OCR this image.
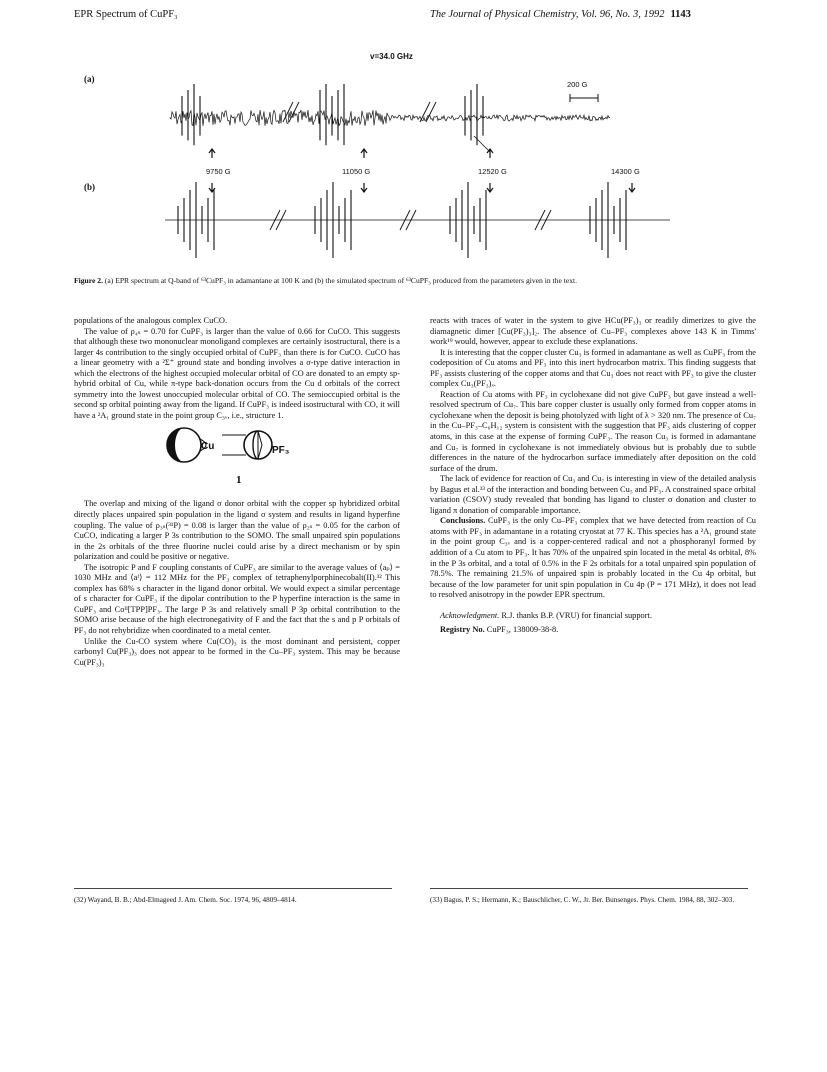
EPR Spectrum of CuPF₃	The Journal of Physical Chemistry, Vol. 96, No. 3, 1992 1143
v=34.0 GHz
(a)
(b)
200 G
9750 G	11050 G	12520 G	14300 G
Figure 2. (a) EPR spectrum at Q-band of ⁶³CuPF₃ in adamantane at 100 K and (b) the simulated spectrum of ⁶³CuPF₃ produced from the parameters given in the text.

populations of the analogous complex CuCO.

The value of ρ₄ₛ = 0.70 for CuPF₃ is larger than the value of 0.66 for CuCO. This suggests that although these two mononuclear monoligand complexes are certainly isostructural, there is a larger 4s contribution to the singly occupied orbital of CuPF₃ than there is for CuCO. CuCO has a linear geometry with a ²Σ⁺ ground state and bonding involves a σ-type dative interaction in which the electrons of the highest occupied molecular orbital of CO are donated to an empty sp-hybrid orbital of Cu, while π-type back-donation occurs from the Cu d orbitals of the correct symmetry into the lowest unoccupied molecular orbital of CO. The semioccupied orbital is the second sp orbital pointing away from the ligand. If CuPF₃ is indeed isostructural with CO, it will have a ²A₁ ground state in the point group C₃ᵥ, i.e., structure 1.

Cu	PF₃
1

The overlap and mixing of the ligand σ donor orbital with the copper sp hybridized orbital directly places unpaired spin population in the ligand σ system and results in ligand hyperfine coupling. The value of ρ₃ₛ(³¹P) = 0.08 is larger than the value of ρ₂ₛ = 0.05 for the carbon of CuCO, indicating a larger P 3s contribution to the SOMO. The small unpaired spin populations in the 2s orbitals of the three fluorine nuclei could arise by a direct mechanism or by spin polarization and could be positive or negative.

The isotropic P and F coupling constants of CuPF₃ are similar to the average values of ⟨aₚ⟩ = 1030 MHz and ⟨aᶠ⟩ = 112 MHz for the PF₃ complex of tetraphenylporphinecobalt(II).³² This complex has 68% s character in the ligand donor orbital. We would expect a similar percentage of s character for CuPF₃ if the dipolar contribution to the P hyperfine interaction is the same in CuPF₃ and Coᴵᴵ[TPP]PF₃. The large P 3s and relatively small P 3p orbital contribution to the SOMO arise because of the high electronegativity of F and the fact that the s and p P orbitals of PF₃ do not rehybridize when coordinated to a metal center.

Unlike the Cu-CO system where Cu(CO)₃ is the most dominant and persistent, copper carbonyl Cu(PF₃)₃ does not appear to be formed in the Cu–PF₃ system. This may be because Cu(PF₃)₃

reacts with traces of water in the system to give HCu(PF₃)₃ or readily dimerizes to give the diamagnetic dimer [Cu(PF₃)₃]₂. The absence of Cu–PF₃ complexes above 143 K in Timms' work¹⁹ would, however, appear to exclude these explanations.

It is interesting that the copper cluster Cu₃ is formed in adamantane as well as CuPF₃ from the codeposition of Cu atoms and PF₃ into this inert hydrocarbon matrix. This finding suggests that PF₃ assists clustering of the copper atoms and that Cu₃ does not react with PF₃ to give the cluster complex Cu₃(PF₃)ₓ.

Reaction of Cu atoms with PF₃ in cyclohexane did not give CuPF₃ but gave instead a well-resolved spectrum of Cu₇. This bare copper cluster is usually only formed from copper atoms in cyclohexane when the deposit is being photolyzed with light of λ > 320 nm. The presence of Cu₇ in the Cu–PF₃–C₆H₁₂ system is consistent with the suggestion that PF₃ aids clustering of copper atoms, in this case at the expense of forming CuPF₃. The reason Cu₃ is formed in adamantane and Cu₇ is formed in cyclohexane is not immediately obvious but is probably due to subtle differences in the nature of the hydrocarbon surface immediately after deposition on the cold surface of the drum.

The lack of evidence for reaction of Cu₃ and Cu₇ is interesting in view of the detailed analysis by Bagus et al.³³ of the interaction and bonding between Cu₅ and PF₃. A constrained space orbital variation (CSOV) study revealed that bonding has ligand to cluster σ donation and cluster to ligand π donation of comparable importance.

Conclusions. CuPF₃ is the only Cu–PF₃ complex that we have detected from reaction of Cu atoms with PF₃ in adamantane in a rotating cryostat at 77 K. This species has a ²A₁ ground state in the point group C₃ᵥ and is a copper-centered radical and not a phosphoranyl formed by addition of a Cu atom to PF₃. It has 70% of the unpaired spin located in the metal 4s orbital, 8% in the P 3s orbital, and a total of 0.5% in the F 2s orbitals for a total unpaired spin population of 78.5%. The remaining 21.5% of unpaired spin is probably located in the Cu 4p orbital, but because of the low parameter for unit spin population in Cu 4p (P = 171 MHz), it does not lead to resolved anisotropy in the powder EPR spectrum.

Acknowledgment. R.J. thanks B.P. (VRU) for financial support.

Registry No. CuPF₃, 138009-38-8.

(32) Wayand, B. B.; Abd-Elmageed J. Am. Chem. Soc. 1974, 96, 4809–4814.	(33) Bagus, P. S.; Hermann, K.; Bauschlicher, C. W., Jr. Ber. Bunsenges. Phys. Chem. 1984, 88, 302–303.
